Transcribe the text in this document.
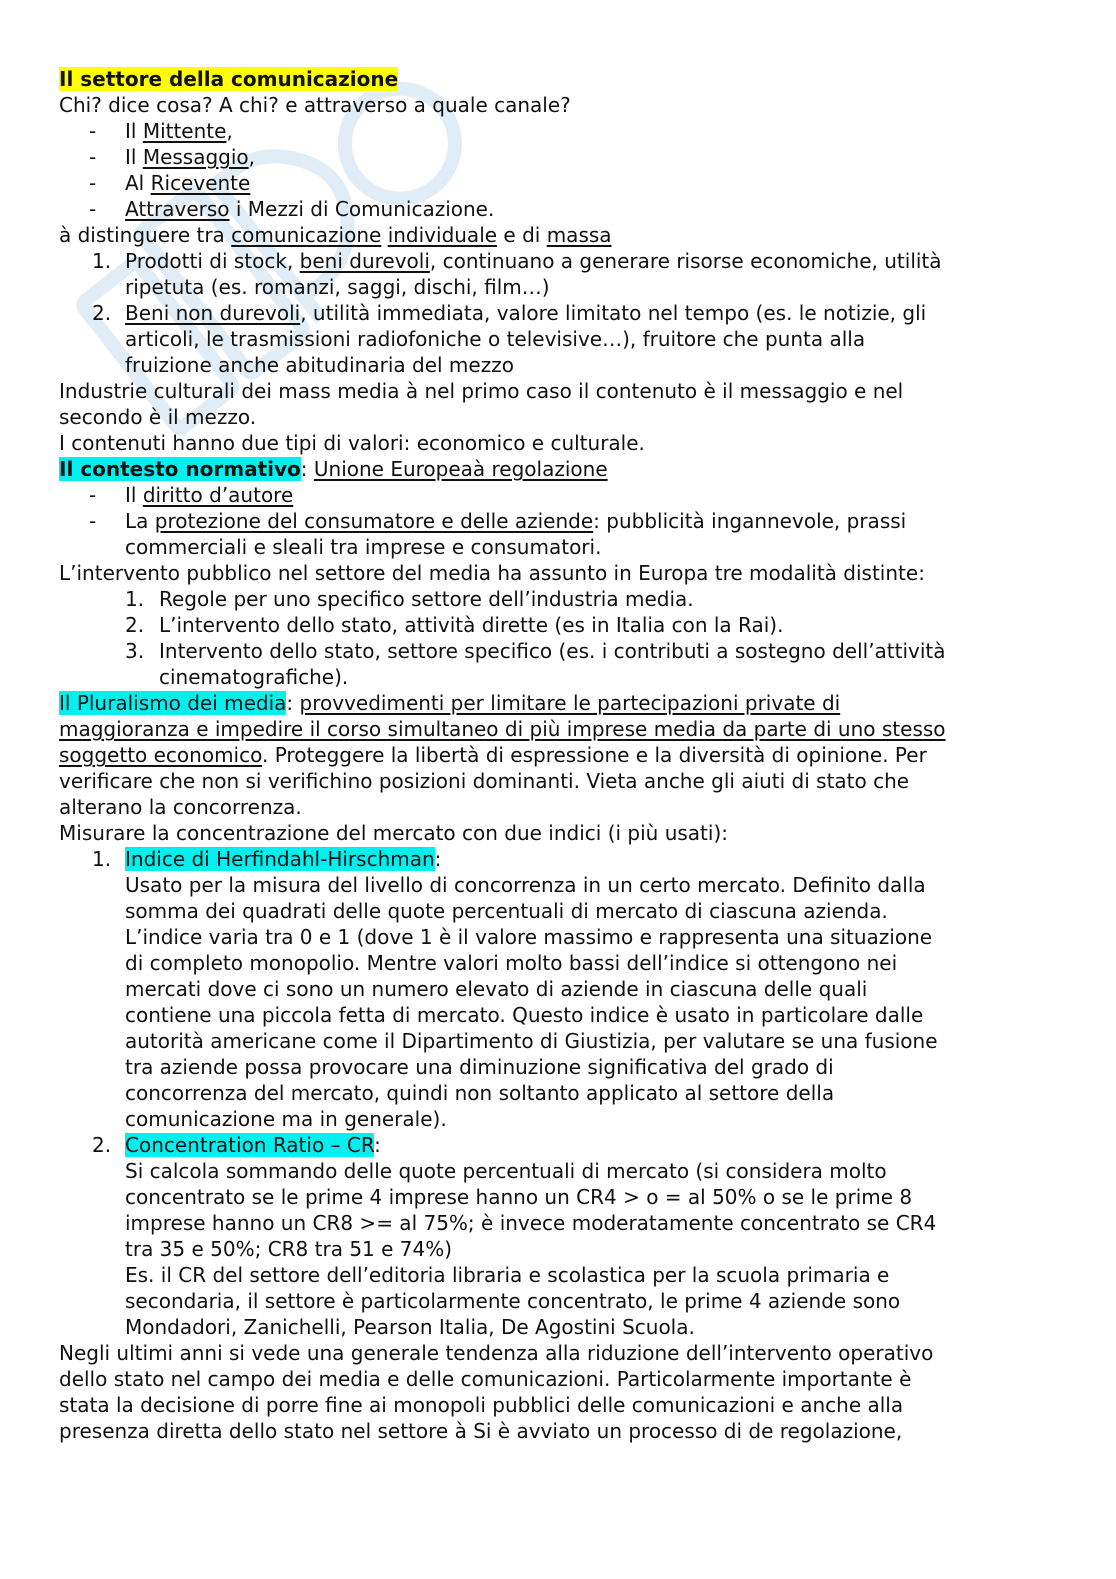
Il settore della comunicazione
Chi? dice cosa? A chi? e attraverso a quale canale?
- Il Mittente,
- Il Messaggio,
- Al Ricevente
- Attraverso i Mezzi di Comunicazione.
à distinguere tra comunicazione individuale e di massa
1. Prodotti di stock, beni durevoli, continuano a generare risorse economiche, utilità
ripetuta (es. romanzi, saggi, dischi, film…)
2. Beni non durevoli, utilità immediata, valore limitato nel tempo (es. le notizie, gli
articoli, le trasmissioni radiofoniche o televisive…), fruitore che punta alla
fruizione anche abitudinaria del mezzo
Industrie culturali dei mass media à nel primo caso il contenuto è il messaggio e nel
secondo è il mezzo.
I contenuti hanno due tipi di valori: economico e culturale.
Il contesto normativo: Unione Europeaà regolazione
- Il diritto d’autore
- La protezione del consumatore e delle aziende: pubblicità ingannevole, prassi
commerciali e sleali tra imprese e consumatori.
L’intervento pubblico nel settore del media ha assunto in Europa tre modalità distinte:
1. Regole per uno specifico settore dell’industria media.
2. L’intervento dello stato, attività dirette (es in Italia con la Rai).
3. Intervento dello stato, settore specifico (es. i contributi a sostegno dell’attività
cinematografiche).
Il Pluralismo dei media: provvedimenti per limitare le partecipazioni private di
maggioranza e impedire il corso simultaneo di più imprese media da parte di uno stesso
soggetto economico. Proteggere la libertà di espressione e la diversità di opinione. Per
verificare che non si verifichino posizioni dominanti. Vieta anche gli aiuti di stato che
alterano la concorrenza.
Misurare la concentrazione del mercato con due indici (i più usati):
1. Indice di Herfindahl-Hirschman:
Usato per la misura del livello di concorrenza in un certo mercato. Definito dalla
somma dei quadrati delle quote percentuali di mercato di ciascuna azienda.
L’indice varia tra 0 e 1 (dove 1 è il valore massimo e rappresenta una situazione
di completo monopolio. Mentre valori molto bassi dell’indice si ottengono nei
mercati dove ci sono un numero elevato di aziende in ciascuna delle quali
contiene una piccola fetta di mercato. Questo indice è usato in particolare dalle
autorità americane come il Dipartimento di Giustizia, per valutare se una fusione
tra aziende possa provocare una diminuzione significativa del grado di
concorrenza del mercato, quindi non soltanto applicato al settore della
comunicazione ma in generale).
2. Concentration Ratio – CR:
Si calcola sommando delle quote percentuali di mercato (si considera molto
concentrato se le prime 4 imprese hanno un CR4 > o = al 50% o se le prime 8
imprese hanno un CR8 >= al 75%; è invece moderatamente concentrato se CR4
tra 35 e 50%; CR8 tra 51 e 74%)
Es. il CR del settore dell’editoria libraria e scolastica per la scuola primaria e
secondaria, il settore è particolarmente concentrato, le prime 4 aziende sono
Mondadori, Zanichelli, Pearson Italia, De Agostini Scuola.
Negli ultimi anni si vede una generale tendenza alla riduzione dell’intervento operativo
dello stato nel campo dei media e delle comunicazioni. Particolarmente importante è
stata la decisione di porre fine ai monopoli pubblici delle comunicazioni e anche alla
presenza diretta dello stato nel settore à Si è avviato un processo di de regolazione,
